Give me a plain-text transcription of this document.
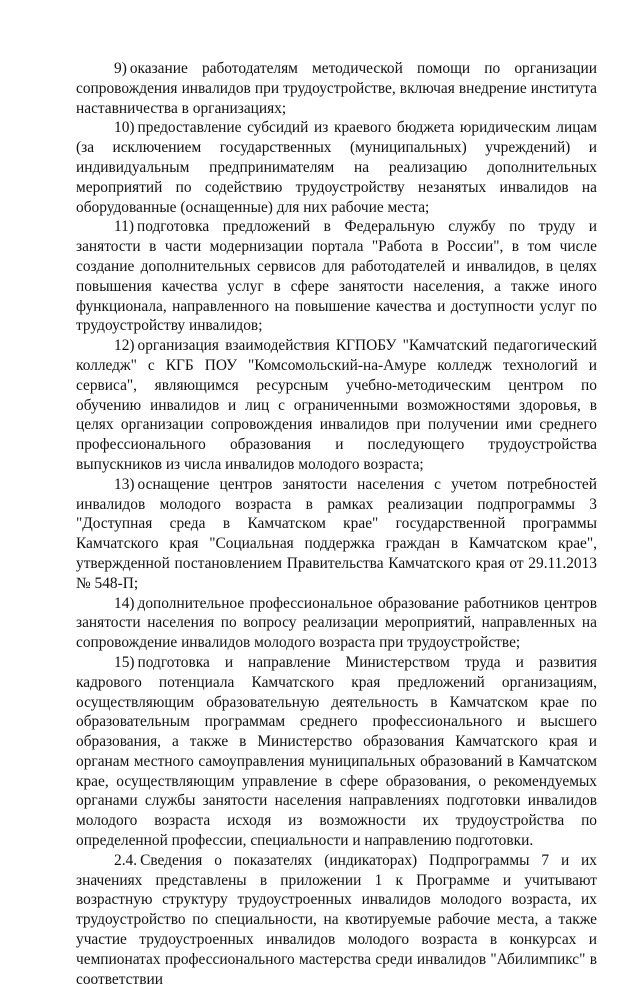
9) оказание работодателям методической помощи по организации сопровождения инвалидов при трудоустройстве, включая внедрение института наставничества в организациях;

10) предоставление субсидий из краевого бюджета юридическим лицам (за исключением государственных (муниципальных) учреждений) и индивидуальным предпринимателям на реализацию дополнительных мероприятий по содействию трудоустройству незанятых инвалидов на оборудованные (оснащенные) для них рабочие места;

11) подготовка предложений в Федеральную службу по труду и занятости в части модернизации портала "Работа в России", в том числе создание дополнительных сервисов для работодателей и инвалидов, в целях повышения качества услуг в сфере занятости населения, а также иного функционала, направленного на повышение качества и доступности услуг по трудоустройству инвалидов;

12) организация взаимодействия КГПОБУ "Камчатский педагогический колледж" с КГБ ПОУ "Комсомольский-на-Амуре колледж технологий и сервиса", являющимся ресурсным учебно-методическим центром по обучению инвалидов и лиц с ограниченными возможностями здоровья, в целях организации сопровождения инвалидов при получении ими среднего профессионального образования и последующего трудоустройства выпускников из числа инвалидов молодого возраста;

13) оснащение центров занятости населения с учетом потребностей инвалидов молодого возраста в рамках реализации подпрограммы 3 "Доступная среда в Камчатском крае" государственной программы Камчатского края "Социальная поддержка граждан в Камчатском крае", утвержденной постановлением Правительства Камчатского края от 29.11.2013 № 548-П;

14) дополнительное профессиональное образование работников центров занятости населения по вопросу реализации мероприятий, направленных на сопровождение инвалидов молодого возраста при трудоустройстве;

15) подготовка и направление Министерством труда и развития кадрового потенциала Камчатского края предложений организациям, осуществляющим образовательную деятельность в Камчатском крае по образовательным программам среднего профессионального и высшего образования, а также в Министерство образования Камчатского края и органам местного самоуправления муниципальных образований в Камчатском крае, осуществляющим управление в сфере образования, о рекомендуемых органами службы занятости населения направлениях подготовки инвалидов молодого возраста исходя из возможности их трудоустройства по определенной профессии, специальности и направлению подготовки.

2.4. Сведения о показателях (индикаторах) Подпрограммы 7 и их значениях представлены в приложении 1 к Программе и учитывают возрастную структуру трудоустроенных инвалидов молодого возраста, их трудоустройство по специальности, на квотируемые рабочие места, а также участие трудоустроенных инвалидов молодого возраста в конкурсах и чемпионатах профессионального мастерства среди инвалидов "Абилимпикс" в соответствии
